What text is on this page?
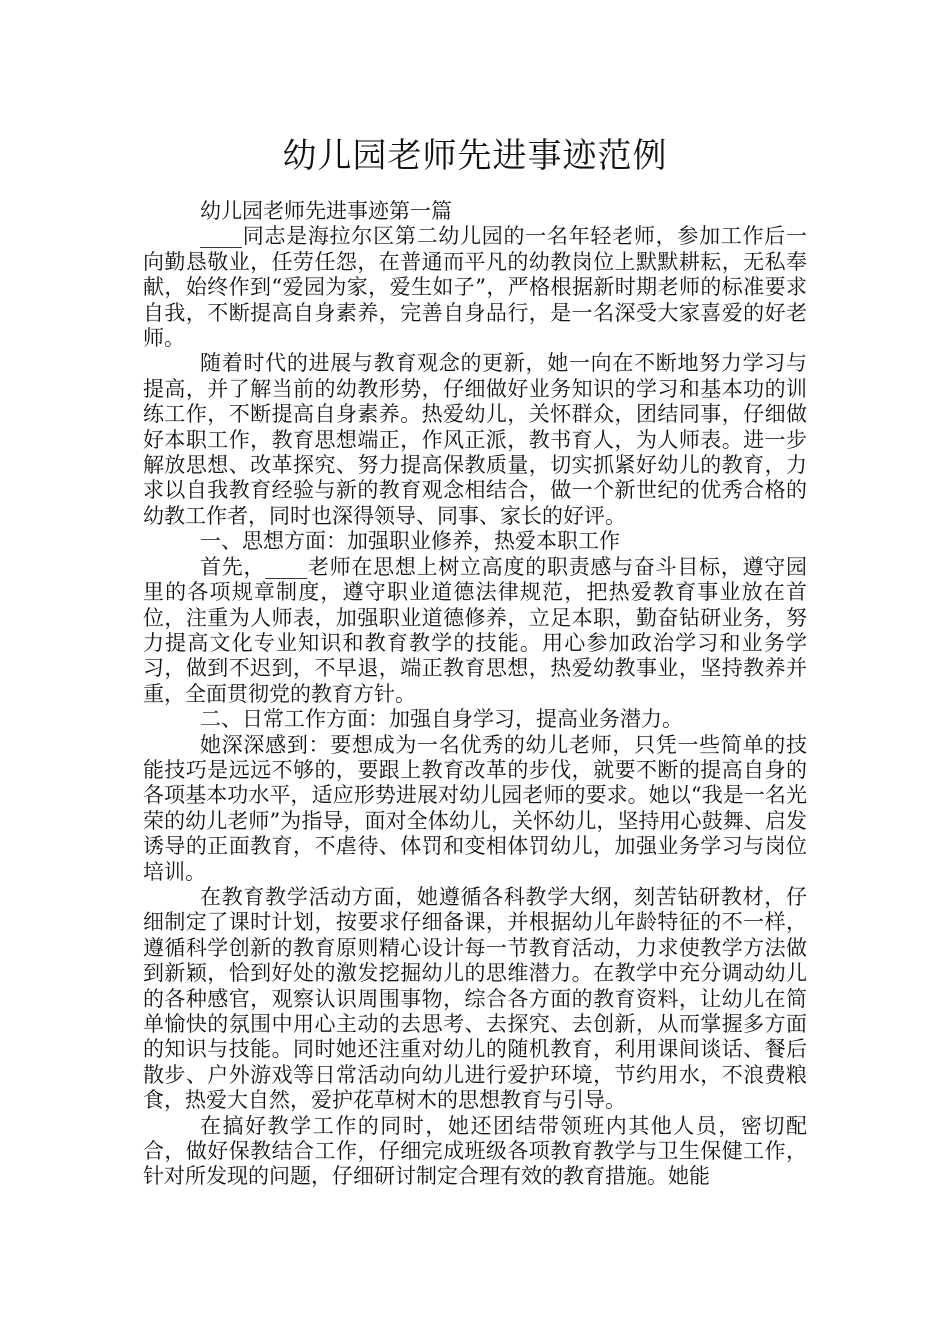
幼儿园老师先进事迹范例

幼儿园老师先进事迹第一篇

____同志是海拉尔区第二幼儿园的一名年轻老师，参加工作后一向勤恳敬业，任劳任怨，在普通而平凡的幼教岗位上默默耕耘，无私奉献，始终作到“爱园为家，爱生如子”，严格根据新时期老师的标准要求自我，不断提高自身素养，完善自身品行，是一名深受大家喜爱的好老师。

随着时代的进展与教育观念的更新，她一向在不断地努力学习与提高，并了解当前的幼教形势，仔细做好业务知识的学习和基本功的训练工作，不断提高自身素养。热爱幼儿，关怀群众，团结同事，仔细做好本职工作，教育思想端正，作风正派，教书育人，为人师表。进一步解放思想、改革探究、努力提高保教质量，切实抓紧好幼儿的教育，力求以自我教育经验与新的教育观念相结合，做一个新世纪的优秀合格的幼教工作者，同时也深得领导、同事、家长的好评。

一、思想方面：加强职业修养，热爱本职工作

首先，____老师在思想上树立高度的职责感与奋斗目标，遵守园里的各项规章制度，遵守职业道德法律规范，把热爱教育事业放在首位，注重为人师表，加强职业道德修养，立足本职，勤奋钻研业务，努力提高文化专业知识和教育教学的技能。用心参加政治学习和业务学习，做到不迟到，不早退，端正教育思想，热爱幼教事业，坚持教养并重，全面贯彻党的教育方针。

二、日常工作方面：加强自身学习，提高业务潜力。

她深深感到：要想成为一名优秀的幼儿老师，只凭一些简单的技能技巧是远远不够的，要跟上教育改革的步伐，就要不断的提高自身的各项基本功水平，适应形势进展对幼儿园老师的要求。她以“我是一名光荣的幼儿老师”为指导，面对全体幼儿，关怀幼儿，坚持用心鼓舞、启发诱导的正面教育，不虐待、体罚和变相体罚幼儿，加强业务学习与岗位培训。

在教育教学活动方面，她遵循各科教学大纲，刻苦钻研教材，仔细制定了课时计划，按要求仔细备课，并根据幼儿年龄特征的不一样，遵循科学创新的教育原则精心设计每一节教育活动，力求使教学方法做到新颖，恰到好处的激发挖掘幼儿的思维潜力。在教学中充分调动幼儿的各种感官，观察认识周围事物，综合各方面的教育资料，让幼儿在简单愉快的氛围中用心主动的去思考、去探究、去创新，从而掌握多方面的知识与技能。同时她还注重对幼儿的随机教育，利用课间谈话、餐后散步、户外游戏等日常活动向幼儿进行爱护环境，节约用水，不浪费粮食，热爱大自然，爱护花草树木的思想教育与引导。

在搞好教学工作的同时，她还团结带领班内其他人员，密切配合，做好保教结合工作，仔细完成班级各项教育教学与卫生保健工作，针对所发现的问题，仔细研讨制定合理有效的教育措施。她能
